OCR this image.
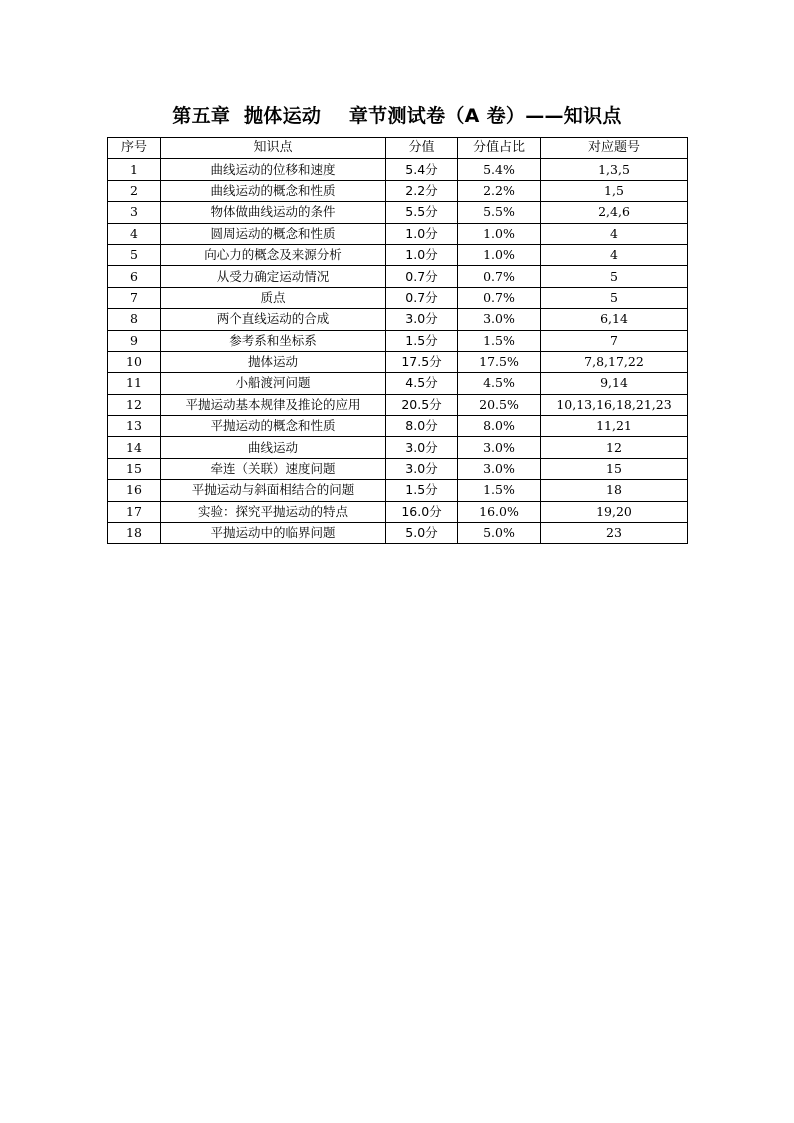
第五章  抛体运动    章节测试卷（A 卷）——知识点
序号	知识点	分值	分值占比	对应题号
1	曲线运动的位移和速度	5.4分	5.4%	1,3,5
2	曲线运动的概念和性质	2.2分	2.2%	1,5
3	物体做曲线运动的条件	5.5分	5.5%	2,4,6
4	圆周运动的概念和性质	1.0分	1.0%	4
5	向心力的概念及来源分析	1.0分	1.0%	4
6	从受力确定运动情况	0.7分	0.7%	5
7	质点	0.7分	0.7%	5
8	两个直线运动的合成	3.0分	3.0%	6,14
9	参考系和坐标系	1.5分	1.5%	7
10	抛体运动	17.5分	17.5%	7,8,17,22
11	小船渡河问题	4.5分	4.5%	9,14
12	平抛运动基本规律及推论的应用	20.5分	20.5%	10,13,16,18,21,23
13	平抛运动的概念和性质	8.0分	8.0%	11,21
14	曲线运动	3.0分	3.0%	12
15	牵连（关联）速度问题	3.0分	3.0%	15
16	平抛运动与斜面相结合的问题	1.5分	1.5%	18
17	实验：探究平抛运动的特点	16.0分	16.0%	19,20
18	平抛运动中的临界问题	5.0分	5.0%	23
